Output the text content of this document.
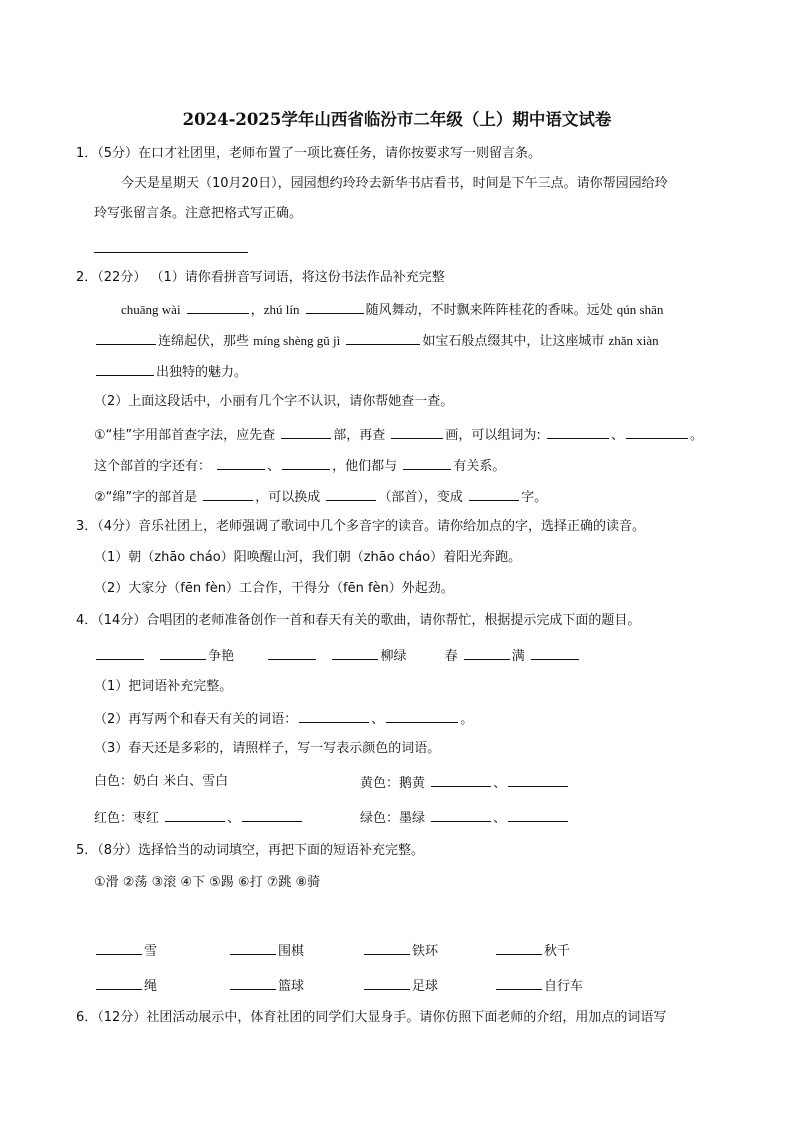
2024-2025学年山西省临汾市二年级（上）期中语文试卷
1．（5分）在口才社团里，老师布置了一项比赛任务，请你按要求写一则留言条。
今天是星期天（10月20日），园园想约玲玲去新华书店看书，时间是下午三点。请你帮园园给玲
玲写张留言条。注意把格式写正确。
2．（22分） （1）请你看拼音写词语，将这份书法作品补充完整
chuāng wài	，zhú lín	随风舞动，不时飘来阵阵桂花的香味。远处 qún shān
连绵起伏，那些 míng shèng gǔ jì	如宝石般点缀其中，让这座城市 zhǎn xiàn
出独特的魅力。
（2）上面这段话中，小丽有几个字不认识，请你帮她查一查。
①“桂”字用部首查字法，应先查	部，再查	画，可以组词为:	、	。
这个部首的字还有：	、	，他们都与	有关系。
②“绵”字的部首是	，可以换成	（部首），变成	字。
3．（4分）音乐社团上，老师强调了歌词中几个多音字的读音。请你给加点的字，选择正确的读音。
（1）朝（zhāo cháo）阳唤醒山河，我们朝（zhāo cháo）着阳光奔跑。
（2）大家分（fēn fèn）工合作，干得分（fēn fèn）外起劲。
4．（14分）合唱团的老师准备创作一首和春天有关的歌曲，请你帮忙，根据提示完成下面的题目。
争艳	柳绿	春	满
（1）把词语补充完整。
（2）再写两个和春天有关的词语：	、	。
（3）春天还是多彩的，请照样子，写一写表示颜色的词语。
白色：奶白 米白、雪白	黄色：鹅黄	、
红色：枣红	、	绿色：墨绿	、
5．（8分）选择恰当的动词填空，再把下面的短语补充完整。
①滑 ②荡 ③滚 ④下 ⑤踢 ⑥打 ⑦跳 ⑧骑
雪	围棋	铁环	秋千
绳	篮球	足球	自行车
6．（12分）社团活动展示中，体育社团的同学们大显身手。请你仿照下面老师的介绍，用加点的词语写
